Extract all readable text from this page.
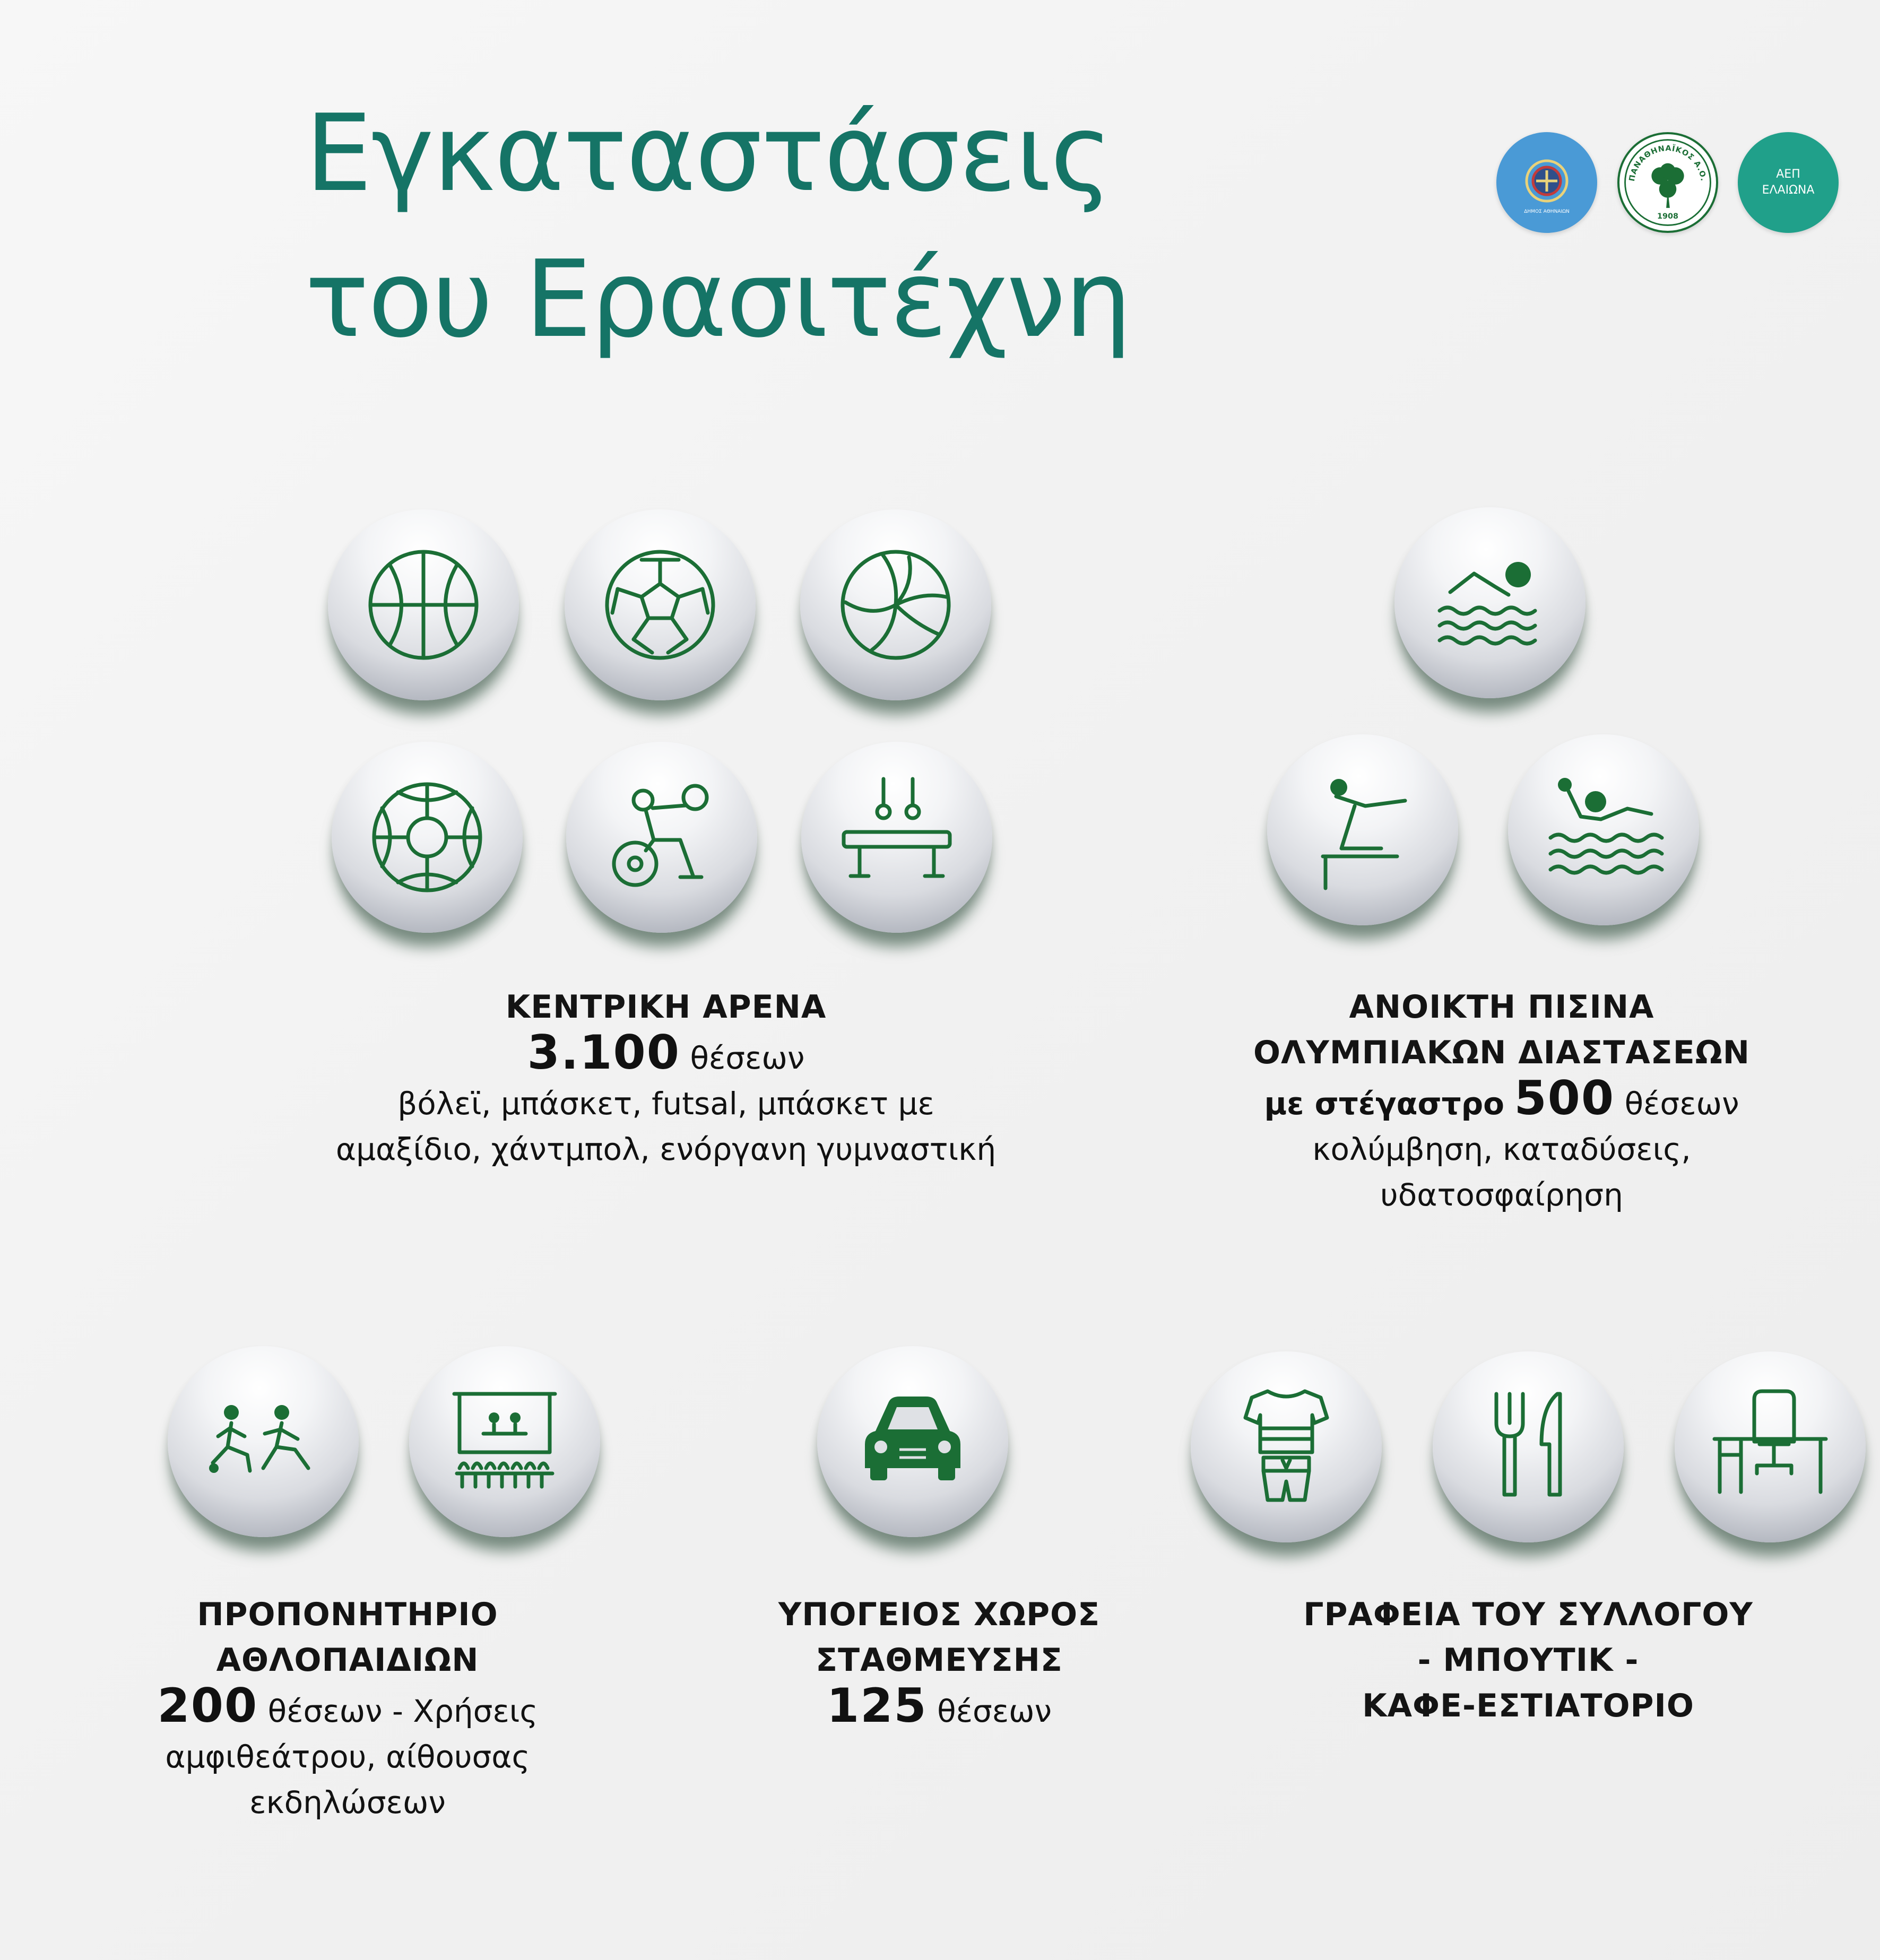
Εγκαταστάσεις
του Ερασιτέχνη
ΔΗΜΟΣ ΑΘΗΝΑΙΩΝ
ΠΑΝΑΘΗΝΑΪΚΟΣ Α.Ο.
1908
ΑΕΠ
ΕΛΑΙΩΝΑ
ΚΕΝΤΡΙΚΗ ΑΡΕΝΑ
3.100 θέσεων
βόλεϊ, μπάσκετ, futsal, μπάσκετ με
αμαξίδιο, χάντμπολ, ενόργανη γυμναστική
ΑΝΟΙΚΤΗ ΠΙΣΙΝΑ
ΟΛΥΜΠΙΑΚΩΝ ΔΙΑΣΤΑΣΕΩΝ
με στέγαστρο 500 θέσεων
κολύμβηση, καταδύσεις,
υδατοσφαίρηση
ΠΡΟΠΟΝΗΤΗΡΙΟ
ΑΘΛΟΠΑΙΔΙΩΝ
200 θέσεων - Χρήσεις
αμφιθεάτρου, αίθουσας
εκδηλώσεων
ΥΠΟΓΕΙΟΣ ΧΩΡΟΣ
ΣΤΑΘΜΕΥΣΗΣ
125 θέσεων
ΓΡΑΦΕΙΑ ΤΟΥ ΣΥΛΛΟΓΟΥ
- ΜΠΟΥΤΙΚ -
ΚΑΦΕ-ΕΣΤΙΑΤΟΡΙΟ
